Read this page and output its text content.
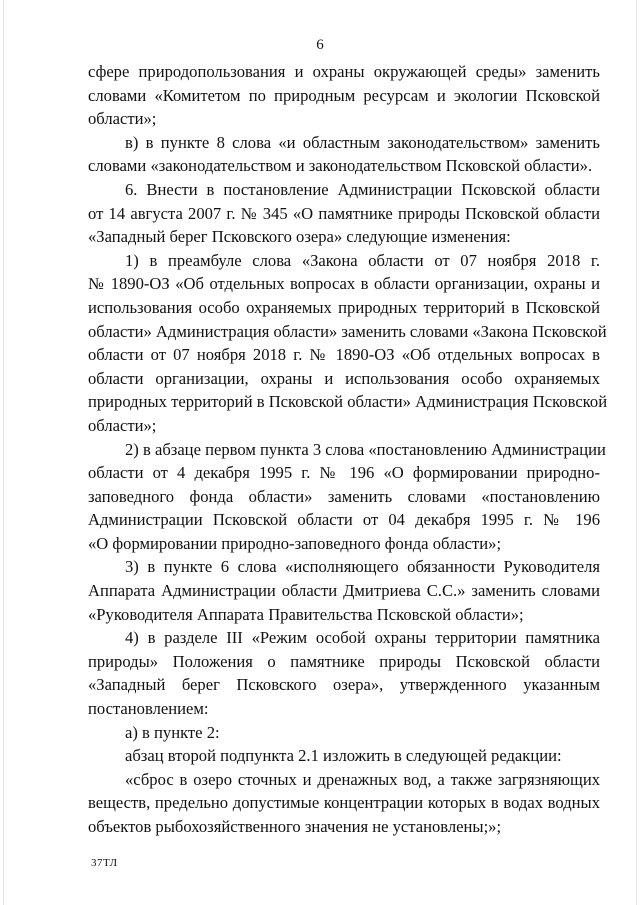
6

сфере природопользования и охраны окружающей среды» заменить
словами «Комитетом по природным ресурсам и экологии Псковской
области»;

в) в пункте 8 слова «и областным законодательством» заменить
словами «законодательством и законодательством Псковской области».

6. Внести в постановление Администрации Псковской области
от 14 августа 2007 г. № 345 «О памятнике природы Псковской области
«Западный берег Псковского озера» следующие изменения:

1) в преамбуле слова «Закона области от 07 ноября 2018 г.
№ 1890-ОЗ «Об отдельных вопросах в области организации, охраны и
использования особо охраняемых природных территорий в Псковской
области» Администрация области» заменить словами «Закона Псковской
области от 07 ноября 2018 г. № 1890-ОЗ «Об отдельных вопросах в
области организации, охраны и использования особо охраняемых
природных территорий в Псковской области» Администрация Псковской
области»;

2) в абзаце первом пункта 3 слова «постановлению Администрации
области от 4 декабря 1995 г. № 196 «О формировании природно-
заповедного фонда области» заменить словами «постановлению
Администрации Псковской области от 04 декабря 1995 г. № 196
«О формировании природно-заповедного фонда области»;

3) в пункте 6 слова «исполняющего обязанности Руководителя
Аппарата Администрации области Дмитриева С.С.» заменить словами
«Руководителя Аппарата Правительства Псковской области»;

4) в разделе III «Режим особой охраны территории памятника
природы» Положения о памятнике природы Псковской области
«Западный берег Псковского озера», утвержденного указанным
постановлением:

а) в пункте 2:

абзац второй подпункта 2.1 изложить в следующей редакции:

«сброс в озеро сточных и дренажных вод, а также загрязняющих
веществ, предельно допустимые концентрации которых в водах водных
объектов рыбохозяйственного значения не установлены;»;

37ТЛ
